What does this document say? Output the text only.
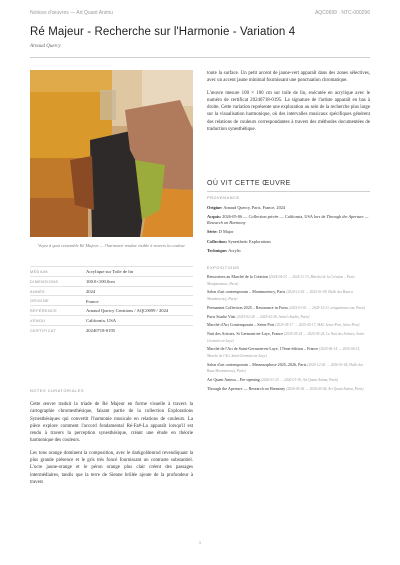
Notices d'œuvres — Art Quant Animu	AQC0699 · NTC-000296
Ré Majeur - Recherche sur l'Harmonie - Variation 4
Arnaud Quercy
Voyez à quoi ressemble Ré Majeur — l'harmonie rendue visible à travers la couleur
MÉDIUM	Acrylique sur Toile de lin
DIMENSIONS	100.0×100.0cm
ANNÉE	2024
ORIGINE	France
RÉFÉRENCE	Arnaud Quercy Creations / AQC0699 / 2024
VENDU	California, USA
CERTIFICAT	20240718-0195
NOTES CURATORIALES

Cette œuvre traduit la triade de Ré Majeur en forme visuelle à travers la cartographie chromesthésique, faisant partie de la collection Explorations Synesthésiques qui convertit l'harmonie musicale en relations de couleurs. La pièce explore comment l'accord fondamental Ré-Fa#-La apparaît lorsqu'il est rendu à travers la perception synesthésique, créant une étude en théorie harmonique des couleurs.

Les tons orange dominent la composition, avec le darkgoldenrod revendiquant la plus grande présence et le gris très foncé fournissant un contraste substantiel. L'ocre jaune-orange et le péron orange plus clair créent des passages intermédiaires, tandis que la terre de Sienne brûlée ajoute de la profondeur à travers

toute la surface. Un petit accent de jaune-vert apparaît dans des zones sélectives, avec un accent jaune minimal fournissant une ponctuation chromatique.

L'œuvre mesure 100 × 100 cm sur toile de lin, exécutée en acrylique avec le numéro de certificat 20240718-0195. La signature de l'artiste apparaît en bas à droite. Cette variation représente une exploration au sein de la recherche plus large sur la visualisation harmonique, où des intervalles musicaux spécifiques génèrent des relations de couleurs correspondantes à travers des méthodes documentées de traduction synesthétique.

OÙ VIT CETTE ŒUVRE
PROVENANCE
Origine: Arnaud Quercy, Paris, France, 2024
Acquis: 2026-05-06 — Collection privée — California, USA lors de Through the Aperture — Research on Harmony
Série: D Major
Collection: Synesthetic Explorations
Technique: Acrylic
EXPOSITIONS
Rencontres au Marché de la Création (2024-04-23 → 2024-11-13, Marché de la Création – Paris Montparnasse, Paris)
Salon d'art contemporain – Montmorency, Paris (2024-12-26 → 2025-01-09, Halle des Baux à Montmorency, Paris)
Permanent Collection 2025 – Resonance in Form (2025-01-01 → 2025-12-31, artquanimu.com, Paris)
Paris Studio Visit (2025-02-28 → 2025-02-28, Artist's Studio, Paris)
Marché d'Art Contemporain – Seine Port (2025-05-17 → 2025-05-17, MAC Seine-Port, Seine-Port)
Nuit des Artistes, St Germain-en-Laye, France (2025-05-24 → 2025-05-24, La Nuit des Artistes, Saint-Germain-en-Laye)
Marché de l'Art de Saint-Germain-en-Laye, 17ème édition – France (2025-06-14 → 2025-06-15, Marché de l'Art, Saint-Germain-en-Laye)
Salon d'art contemporain – Metamorphose 2025–2026, Paris (2025-12-26 → 2026-01-04, Halle des Baux Montmorency, Paris)
Art Quant Animu – Pre-opening (2026-01-25 → 2026-01-30, Art Quant Animu, Paris)
Through the Aperture — Research on Harmony (2026-05-06 → 2026-05-06, Art Quant Animu, Paris)
1
